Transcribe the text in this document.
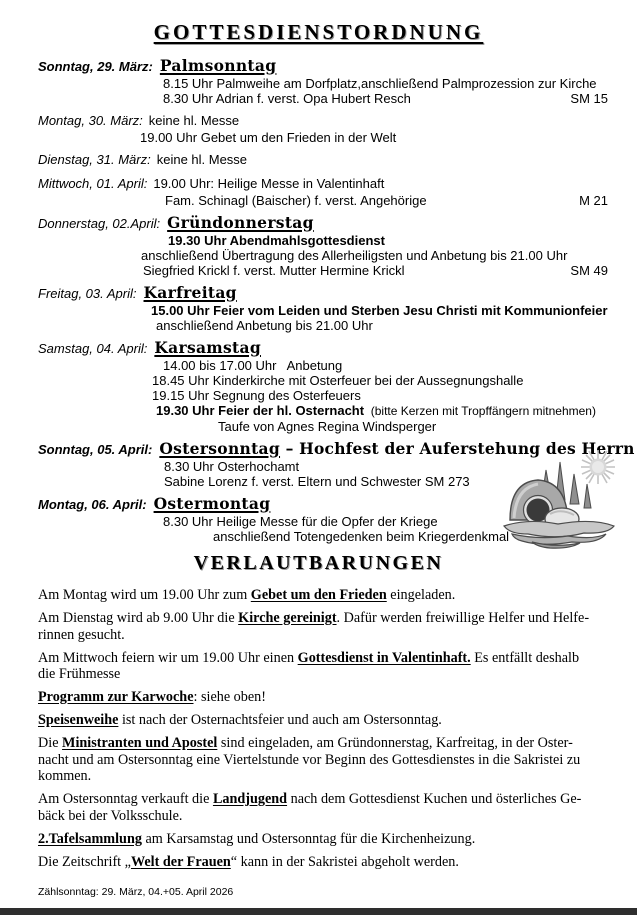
GOTTESDIENSTORDNUNG
Sonntag, 29. März: Palmsonntag
8.15 Uhr Palmweihe am Dorfplatz,anschließend Palmprozession zur Kirche
8.30 Uhr Adrian f. verst. Opa Hubert Resch	SM 15
Montag, 30. März: keine hl. Messe
19.00 Uhr Gebet um den Frieden in der Welt
Dienstag, 31. März: keine hl. Messe
Mittwoch, 01. April: 19.00 Uhr: Heilige Messe in Valentinhaft
Fam. Schinagl (Baischer) f. verst. Angehörige	M 21
Donnerstag, 02.April: Gründonnerstag
19.30 Uhr Abendmahlsgottesdienst
anschließend Übertragung des Allerheiligsten und Anbetung bis 21.00 Uhr
Siegfried Krickl f. verst. Mutter Hermine Krickl	SM 49
Freitag, 03. April: Karfreitag
15.00 Uhr Feier vom Leiden und Sterben Jesu Christi mit Kommunionfeier
anschließend Anbetung bis 21.00 Uhr
Samstag, 04. April: Karsamstag
14.00 bis 17.00 Uhr   Anbetung
18.45 Uhr Kinderkirche mit Osterfeuer bei der Aussegnungshalle
19.15 Uhr Segnung des Osterfeuers
19.30 Uhr Feier der hl. Osternacht  (bitte Kerzen mit Tropffängern mitnehmen)
Taufe von Agnes Regina Windsperger
Sonntag, 05. April: Ostersonntag – Hochfest der Auferstehung des Herrn
8.30 Uhr Osterhochamt
Sabine Lorenz f. verst. Eltern und Schwester SM 273
Montag, 06. April: Ostermontag
8.30 Uhr Heilige Messe für die Opfer der Kriege
anschließend Totengedenken beim Kriegerdenkmal
VERLAUTBARUNGEN

Am Montag wird um 19.00 Uhr zum Gebet um den Frieden eingeladen.

Am Dienstag wird ab 9.00 Uhr die Kirche gereinigt. Dafür werden freiwillige Helfer und Helfe-
rinnen gesucht.

Am Mittwoch feiern wir um 19.00 Uhr einen Gottesdienst in Valentinhaft. Es entfällt deshalb
die Frühmesse

Programm zur Karwoche: siehe oben!

Speisenweihe ist nach der Osternachtsfeier und auch am Ostersonntag.

Die Ministranten und Apostel sind eingeladen, am Gründonnerstag, Karfreitag, in der Oster-
nacht und am Ostersonntag eine Viertelstunde vor Beginn des Gottesdienstes in die Sakristei zu
kommen.

Am Ostersonntag verkauft die Landjugend nach dem Gottesdienst Kuchen und österliches Ge-
bäck bei der Volksschule.

2.Tafelsammlung am Karsamstag und Ostersonntag für die Kirchenheizung.

Die Zeitschrift „Welt der Frauen“ kann in der Sakristei abgeholt werden.

Zählsonntag: 29. März, 04.+05. April 2026
